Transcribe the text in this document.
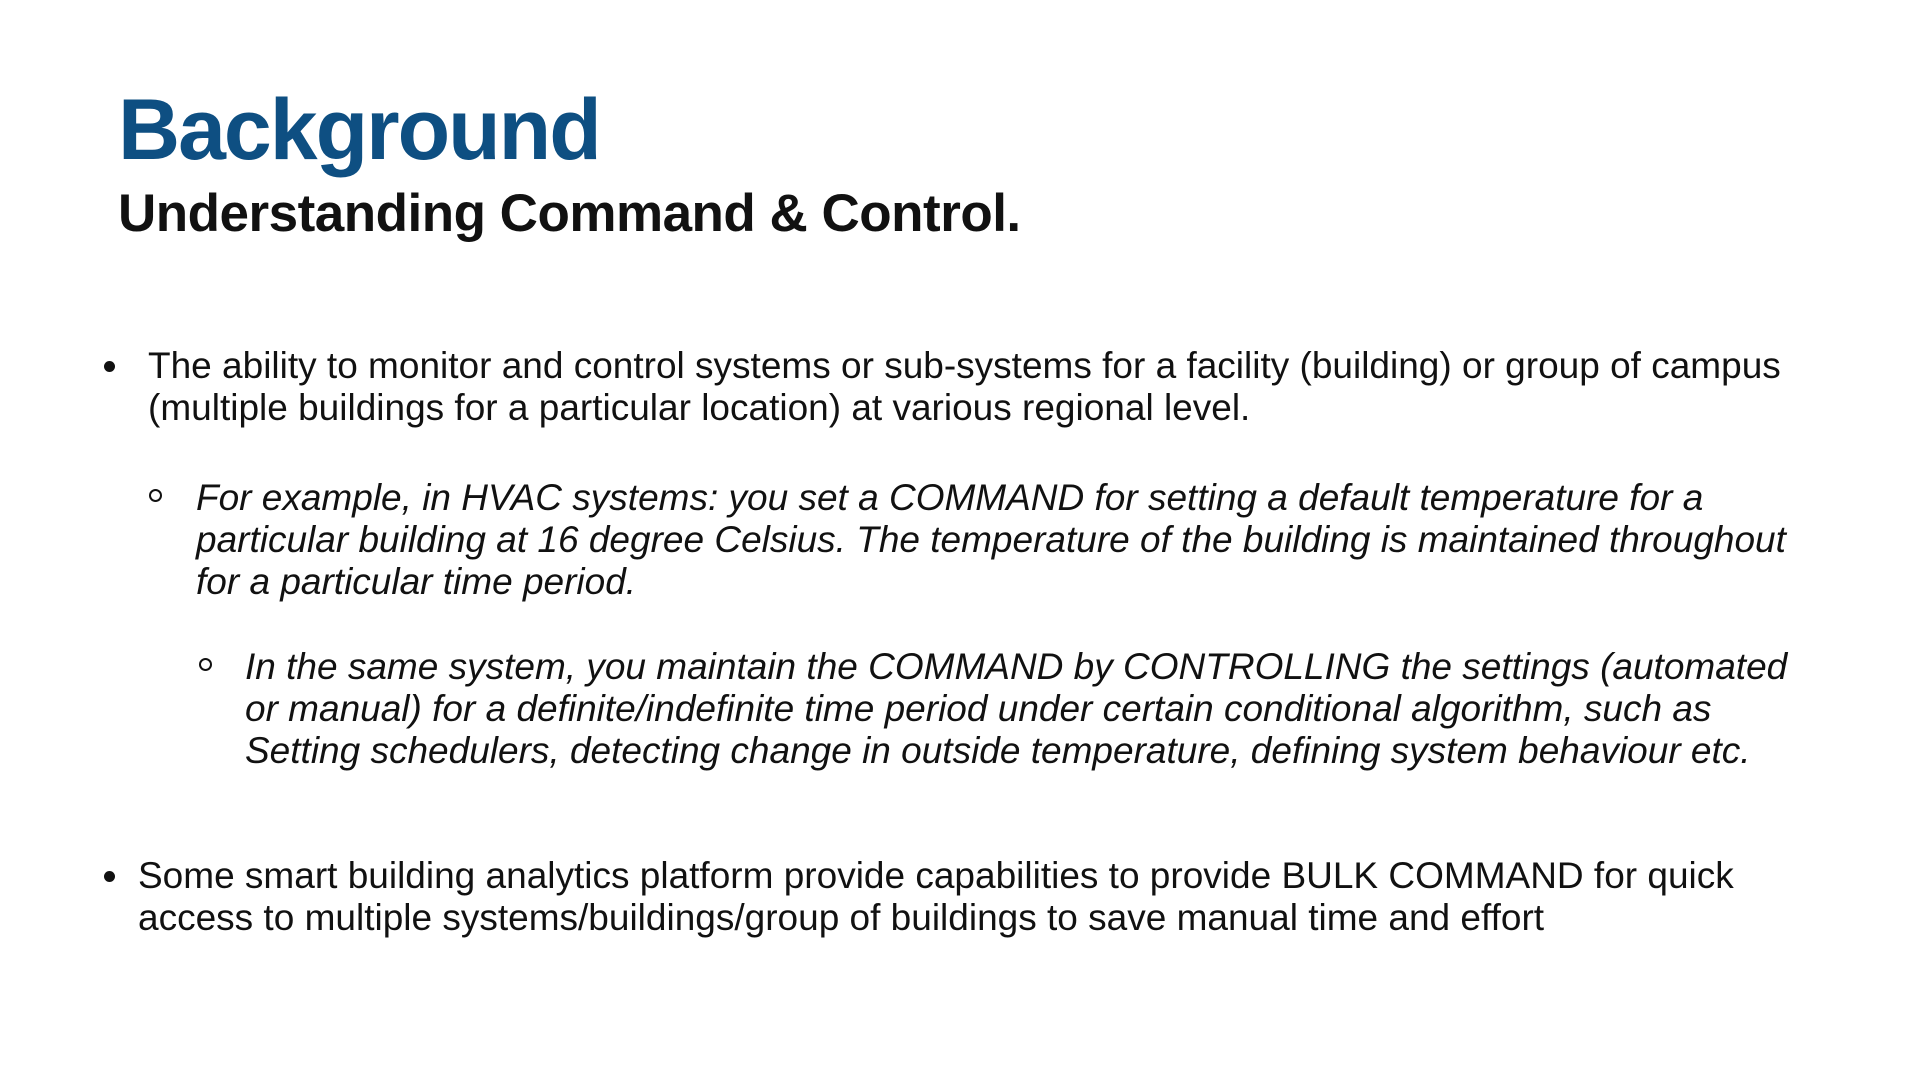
Background
Understanding Command & Control.
The ability to monitor and control systems or sub-systems for a facility (building) or group of campus (multiple buildings for a particular location) at various regional level.
For example, in HVAC systems: you set a COMMAND for setting a default temperature for a particular building at 16 degree Celsius. The temperature of the building is maintained throughout for a particular time period.
In the same system, you maintain the COMMAND by CONTROLLING the settings (automated or manual) for a definite/indefinite time period under certain conditional algorithm, such as Setting schedulers, detecting change in outside temperature, defining system behaviour etc.
Some smart building analytics platform provide capabilities to provide BULK COMMAND for quick access to multiple systems/buildings/group of buildings to save manual time and effort
